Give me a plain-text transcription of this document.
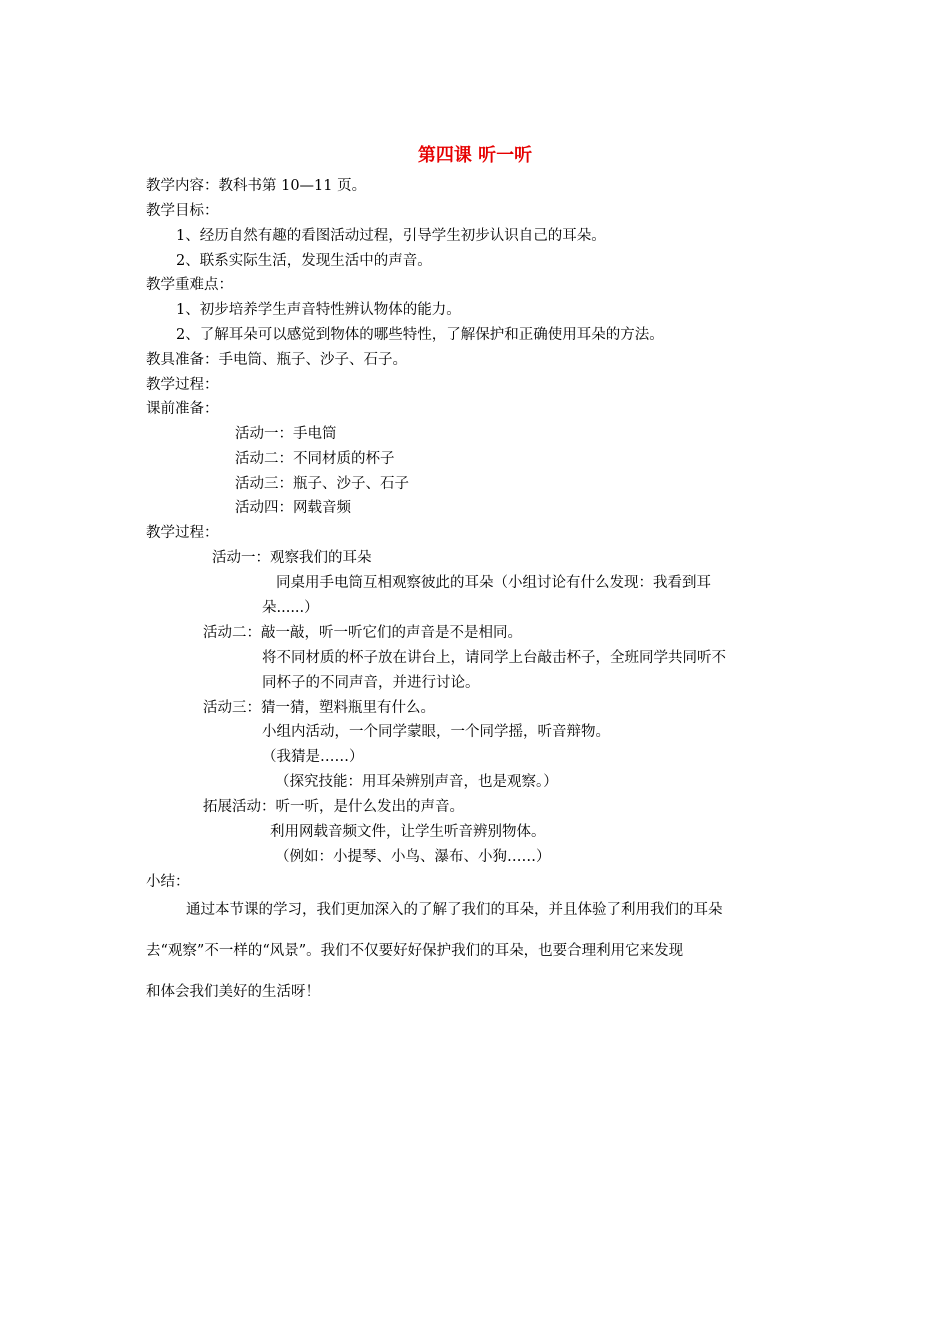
第四课 听一听
教学内容：教科书第 10—11 页。
教学目标：
1、经历自然有趣的看图活动过程，引导学生初步认识自己的耳朵。
2、联系实际生活，发现生活中的声音。
教学重难点：
1、初步培养学生声音特性辨认物体的能力。
2、了解耳朵可以感觉到物体的哪些特性，了解保护和正确使用耳朵的方法。
教具准备：手电筒、瓶子、沙子、石子。
教学过程：
课前准备：
活动一：手电筒
活动二：不同材质的杯子
活动三：瓶子、沙子、石子
活动四：网载音频
教学过程：
活动一：观察我们的耳朵
同桌用手电筒互相观察彼此的耳朵（小组讨论有什么发现：我看到耳
朵......）
活动二：敲一敲，听一听它们的声音是不是相同。
将不同材质的杯子放在讲台上，请同学上台敲击杯子，全班同学共同听不
同杯子的不同声音，并进行讨论。
活动三：猜一猜，塑料瓶里有什么。
小组内活动，一个同学蒙眼，一个同学摇，听音辩物。
（我猜是……）
（探究技能：用耳朵辨别声音，也是观察。）
拓展活动：听一听，是什么发出的声音。
利用网载音频文件，让学生听音辨别物体。
（例如：小提琴、小鸟、瀑布、小狗……）
小结：
通过本节课的学习，我们更加深入的了解了我们的耳朵，并且体验了利用我们的耳朵
去“观察”不一样的“风景”。我们不仅要好好保护我们的耳朵，也要合理利用它来发现
和体会我们美好的生活呀！
